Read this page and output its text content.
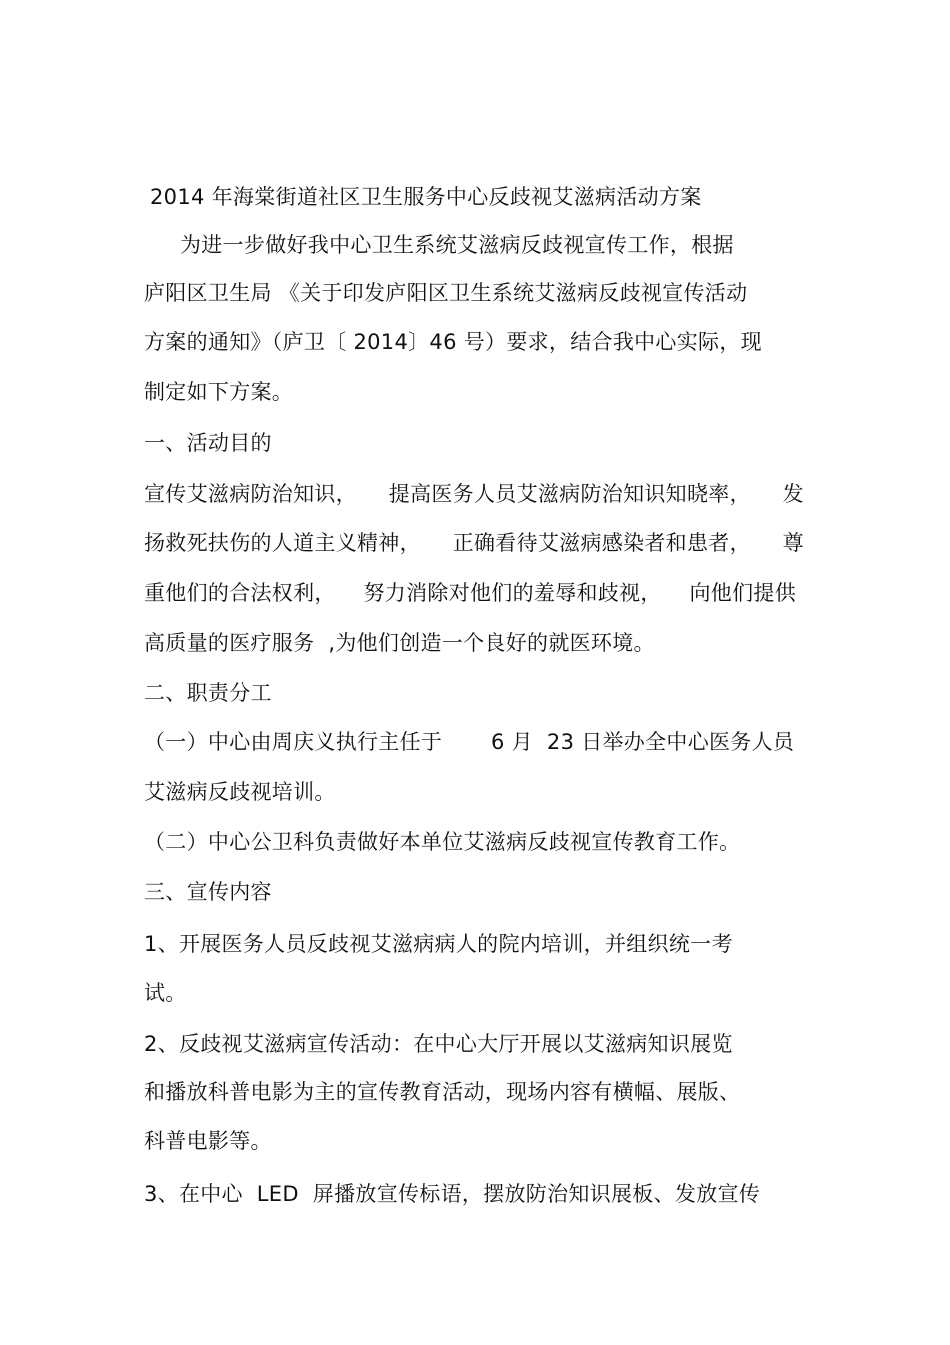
2014 年海棠街道社区卫生服务中心反歧视艾滋病活动方案
为进一步做好我中心卫生系统艾滋病反歧视宣传工作，根据
庐阳区卫生局 《关于印发庐阳区卫生系统艾滋病反歧视宣传活动
方案的通知》（庐卫〔 2014〕46 号）要求，结合我中心实际，现
制定如下方案。
一、活动目的
宣传艾滋病防治知识， 提高医务人员艾滋病防治知识知晓率， 发
扬救死扶伤的人道主义精神， 正确看待艾滋病感染者和患者， 尊
重他们的合法权利， 努力消除对他们的羞辱和歧视， 向他们提供
高质量的医疗服务  ,为他们创造一个良好的就医环境。
二、职责分工
（一）中心由周庆义执行主任于       6 月  23 日举办全中心医务人员
艾滋病反歧视培训。
（二）中心公卫科负责做好本单位艾滋病反歧视宣传教育工作。
三、宣传内容
1、开展医务人员反歧视艾滋病病人的院内培训，并组织统一考
试。
2、反歧视艾滋病宣传活动：在中心大厅开展以艾滋病知识展览
和播放科普电影为主的宣传教育活动，现场内容有横幅、展版、
科普电影等。
3、在中心  LED  屏播放宣传标语，摆放防治知识展板、发放宣传
